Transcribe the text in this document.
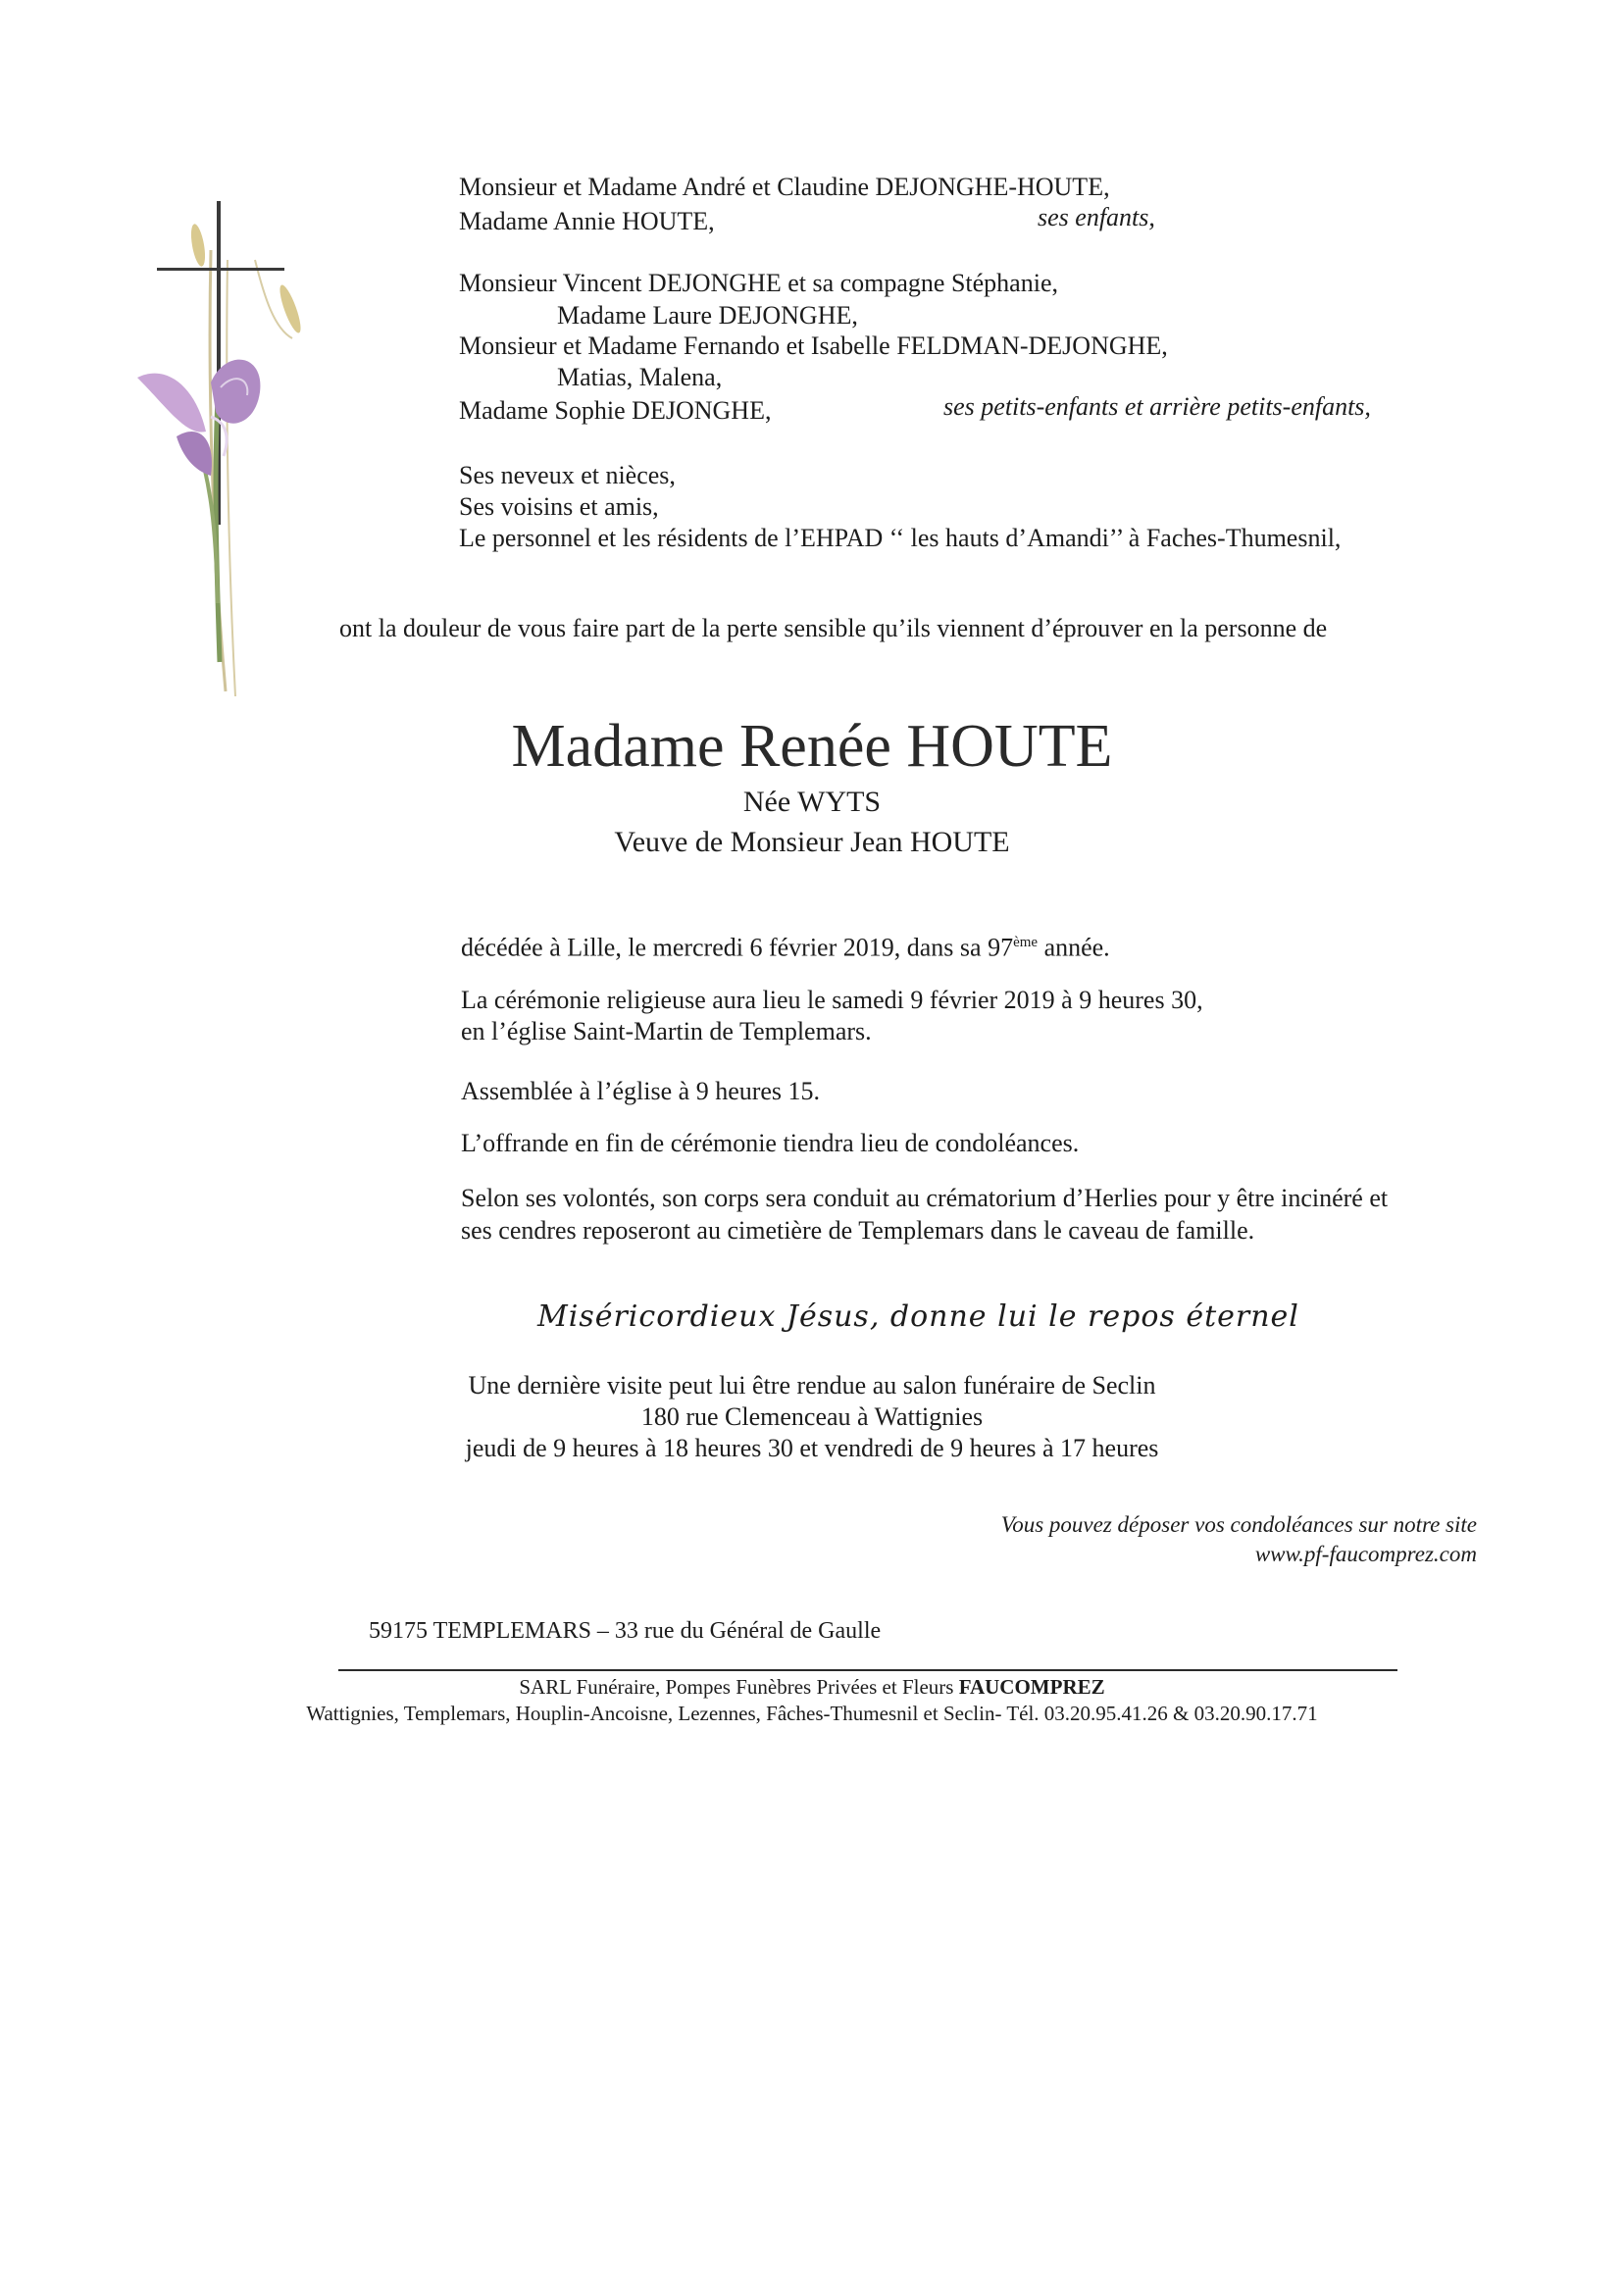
Monsieur et Madame André et Claudine DEJONGHE-HOUTE,
Madame Annie HOUTE,	ses enfants,
Monsieur Vincent DEJONGHE et sa compagne Stéphanie,
Madame Laure DEJONGHE,
Monsieur et Madame Fernando et Isabelle FELDMAN-DEJONGHE,
Matias, Malena,
Madame Sophie DEJONGHE,	ses petits-enfants et arrière petits-enfants,
Ses neveux et nièces,
Ses voisins et amis,
Le personnel et les résidents de l’EHPAD ‘‘ les hauts d’Amandi’’ à Faches-Thumesnil,
ont la douleur de vous faire part de la perte sensible qu’ils viennent d’éprouver en la personne de
Madame Renée HOUTE
Née WYTS
Veuve de Monsieur Jean HOUTE
décédée à Lille, le mercredi 6 février 2019, dans sa 97ème année.
La cérémonie religieuse aura lieu le samedi 9 février 2019 à 9 heures 30,
en l’église Saint-Martin de Templemars.
Assemblée à l’église à 9 heures 15.
L’offrande en fin de cérémonie tiendra lieu de condoléances.
Selon ses volontés, son corps sera conduit au crématorium d’Herlies pour y être incinéré et
ses cendres reposeront au cimetière de Templemars dans le caveau de famille.
Miséricordieux Jésus, donne lui le repos éternel
Une dernière visite peut lui être rendue au salon funéraire de Seclin
180 rue Clemenceau à Wattignies
jeudi de 9 heures à 18 heures 30 et vendredi de 9 heures à 17 heures
Vous pouvez déposer vos condoléances sur notre site
www.pf-faucomprez.com
59175 TEMPLEMARS – 33 rue du Général de Gaulle
SARL Funéraire, Pompes Funèbres Privées et Fleurs FAUCOMPREZ
Wattignies, Templemars, Houplin-Ancoisne, Lezennes, Fâches-Thumesnil et Seclin- Tél. 03.20.95.41.26 & 03.20.90.17.71
